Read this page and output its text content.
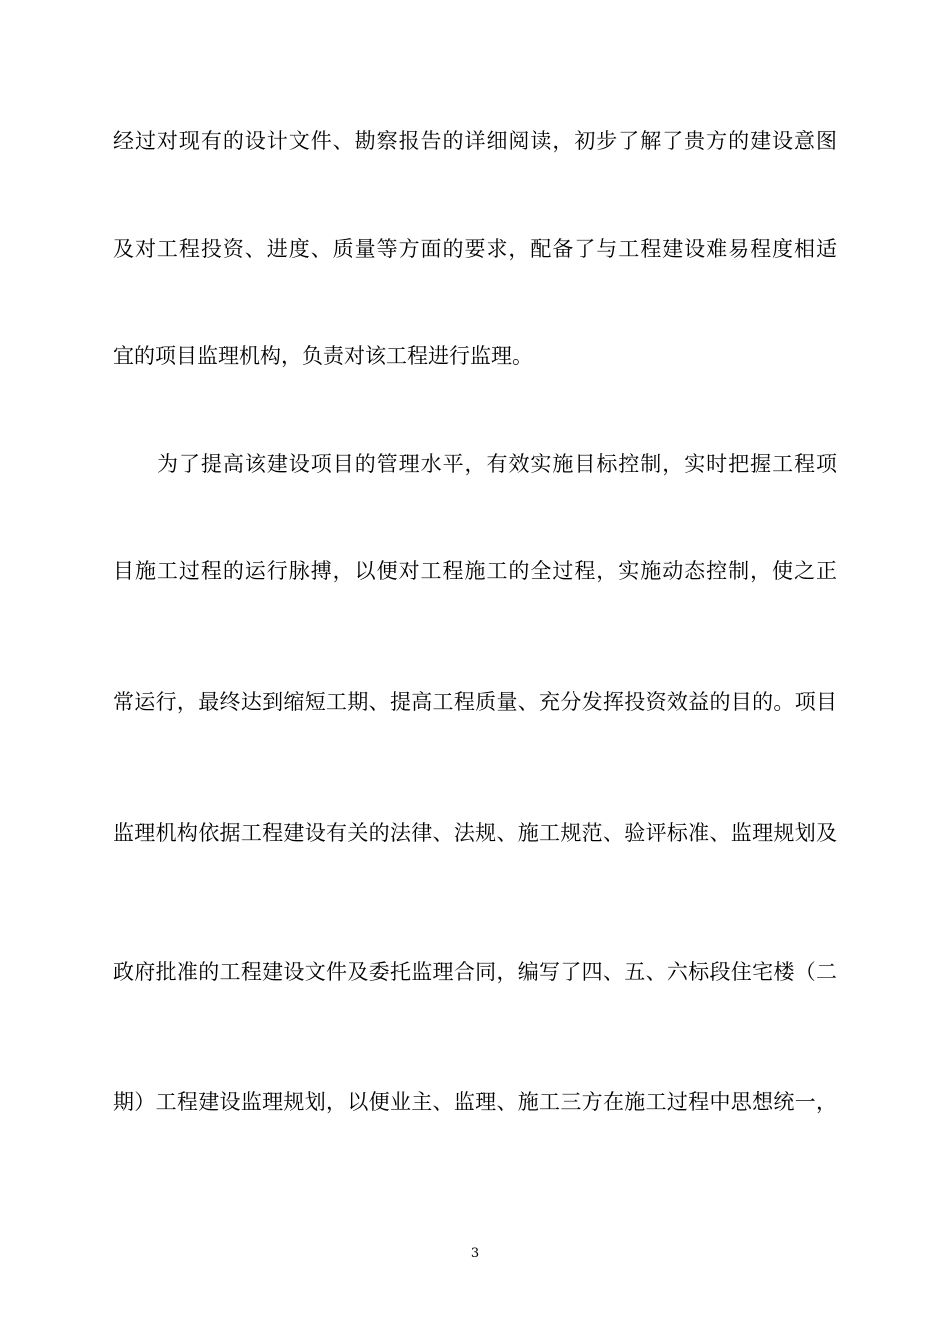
经过对现有的设计文件、勘察报告的详细阅读，初步了解了贵方的建设意图
及对工程投资、进度、质量等方面的要求，配备了与工程建设难易程度相适
宜的项目监理机构，负责对该工程进行监理。
为了提高该建设项目的管理水平，有效实施目标控制，实时把握工程项
目施工过程的运行脉搏，以便对工程施工的全过程，实施动态控制，使之正
常运行，最终达到缩短工期、提高工程质量、充分发挥投资效益的目的。项目
监理机构依据工程建设有关的法律、法规、施工规范、验评标准、监理规划及
政府批准的工程建设文件及委托监理合同，编写了四、五、六标段住宅楼（二
期）工程建设监理规划，以便业主、监理、施工三方在施工过程中思想统一，
3
